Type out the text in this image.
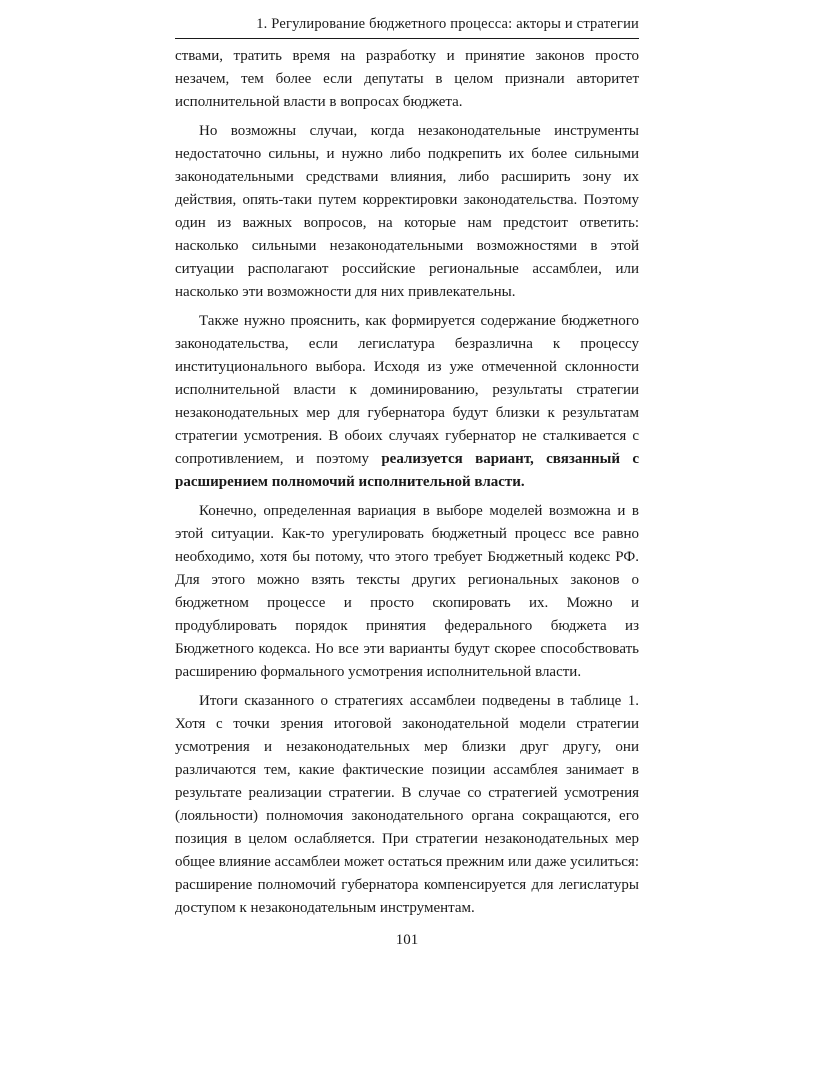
1. Регулирование бюджетного процесса: акторы и стратегии

ствами, тратить время на разработку и принятие законов просто незачем, тем более если депутаты в целом признали авторитет исполнительной власти в вопросах бюджета.

Но возможны случаи, когда незаконодательные инструменты недостаточно сильны, и нужно либо подкрепить их более сильными законодательными средствами влияния, либо расширить зону их действия, опять-таки путем корректировки законодательства. Поэтому один из важных вопросов, на которые нам предстоит ответить: насколько сильными незаконодательными возможностями в этой ситуации располагают российские региональные ассамблеи, или насколько эти возможности для них привлекательны.

Также нужно прояснить, как формируется содержание бюджетного законодательства, если легислатура безразлична к процессу институционального выбора. Исходя из уже отмеченной склонности исполнительной власти к доминированию, результаты стратегии незаконодательных мер для губернатора будут близки к результатам стратегии усмотрения. В обоих случаях губернатор не сталкивается с сопротивлением, и поэтому реализуется вариант, связанный с расширением полномочий исполнительной власти.

Конечно, определенная вариация в выборе моделей возможна и в этой ситуации. Как-то урегулировать бюджетный процесс все равно необходимо, хотя бы потому, что этого требует Бюджетный кодекс РФ. Для этого можно взять тексты других региональных законов о бюджетном процессе и просто скопировать их. Можно и продублировать порядок принятия федерального бюджета из Бюджетного кодекса. Но все эти варианты будут скорее способствовать расширению формального усмотрения исполнительной власти.

Итоги сказанного о стратегиях ассамблеи подведены в таблице 1. Хотя с точки зрения итоговой законодательной модели стратегии усмотрения и незаконодательных мер близки друг другу, они различаются тем, какие фактические позиции ассамблея занимает в результате реализации стратегии. В случае со стратегией усмотрения (лояльности) полномочия законодательного органа сокращаются, его позиция в целом ослабляется. При стратегии незаконодательных мер общее влияние ассамблеи может остаться прежним или даже усилиться: расширение полномочий губернатора компенсируется для легислатуры доступом к незаконодательным инструментам.

101
